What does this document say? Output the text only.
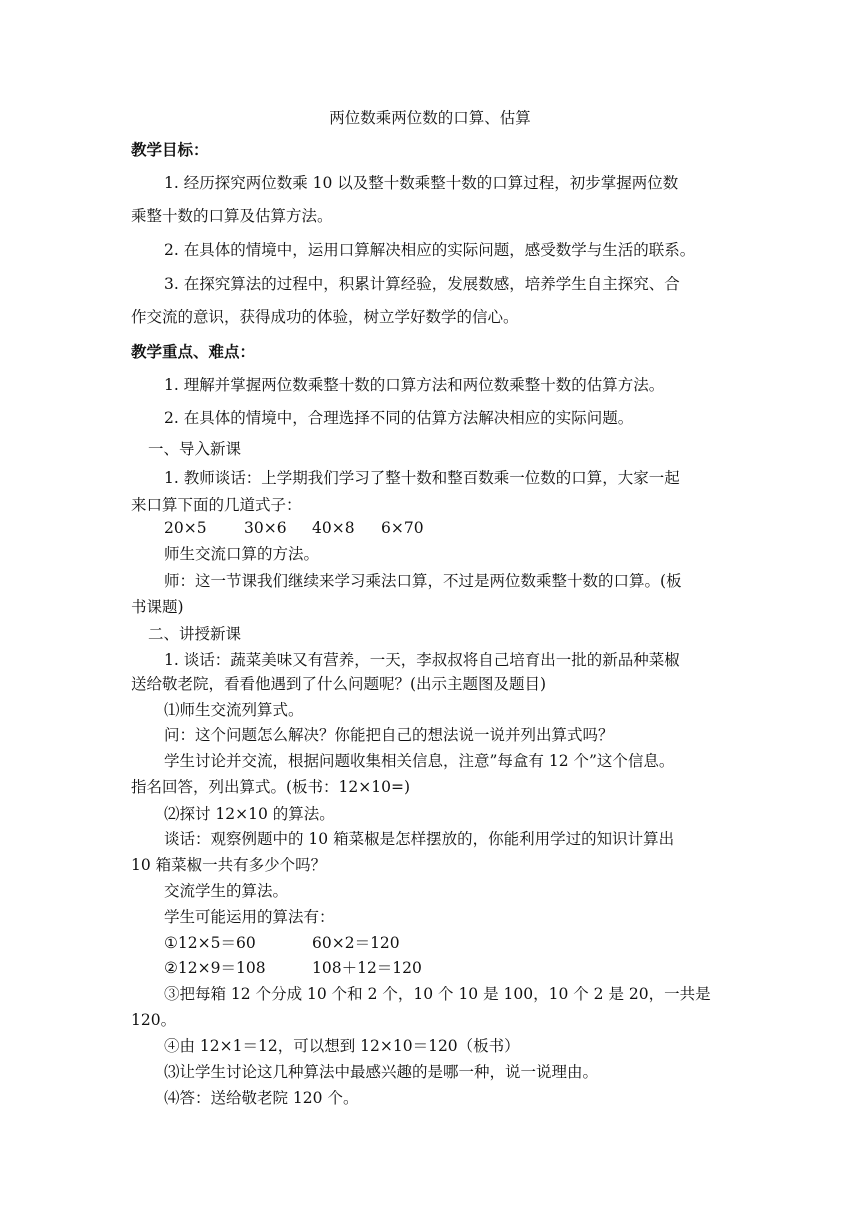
两位数乘两位数的口算、估算
教学目标：
1. 经历探究两位数乘 10 以及整十数乘整十数的口算过程，初步掌握两位数
乘整十数的口算及估算方法。
2. 在具体的情境中，运用口算解决相应的实际问题，感受数学与生活的联系。
3. 在探究算法的过程中，积累计算经验，发展数感，培养学生自主探究、合
作交流的意识，获得成功的体验，树立学好数学的信心。
教学重点、难点：
1. 理解并掌握两位数乘整十数的口算方法和两位数乘整十数的估算方法。
2. 在具体的情境中，合理选择不同的估算方法解决相应的实际问题。
一、导入新课
1. 教师谈话：上学期我们学习了整十数和整百数乘一位数的口算，大家一起
来口算下面的几道式子：
20×5 30×6 40×8 6×70
师生交流口算的方法。
师：这一节课我们继续来学习乘法口算，不过是两位数乘整十数的口算。(板
书课题)
二、讲授新课
1. 谈话：蔬菜美味又有营养，一天，李叔叔将自己培育出一批的新品种菜椒
送给敬老院，看看他遇到了什么问题呢？(出示主题图及题目)
⑴师生交流列算式。
问：这个问题怎么解决？你能把自己的想法说一说并列出算式吗？
学生讨论并交流，根据问题收集相关信息，注意”每盒有 12 个”这个信息。
指名回答，列出算式。(板书：12×10=)
⑵探讨 12×10 的算法。
谈话：观察例题中的 10 箱菜椒是怎样摆放的，你能利用学过的知识计算出
10 箱菜椒一共有多少个吗？
交流学生的算法。
学生可能运用的算法有：
①12×5＝60	60×2＝120
②12×9＝108	108＋12＝120
③把每箱 12 个分成 10 个和 2 个，10 个 10 是 100，10 个 2 是 20，一共是
120。
④由 12×1＝12，可以想到 12×10＝120（板书）
⑶让学生讨论这几种算法中最感兴趣的是哪一种，说一说理由。
⑷答：送给敬老院 120 个。
